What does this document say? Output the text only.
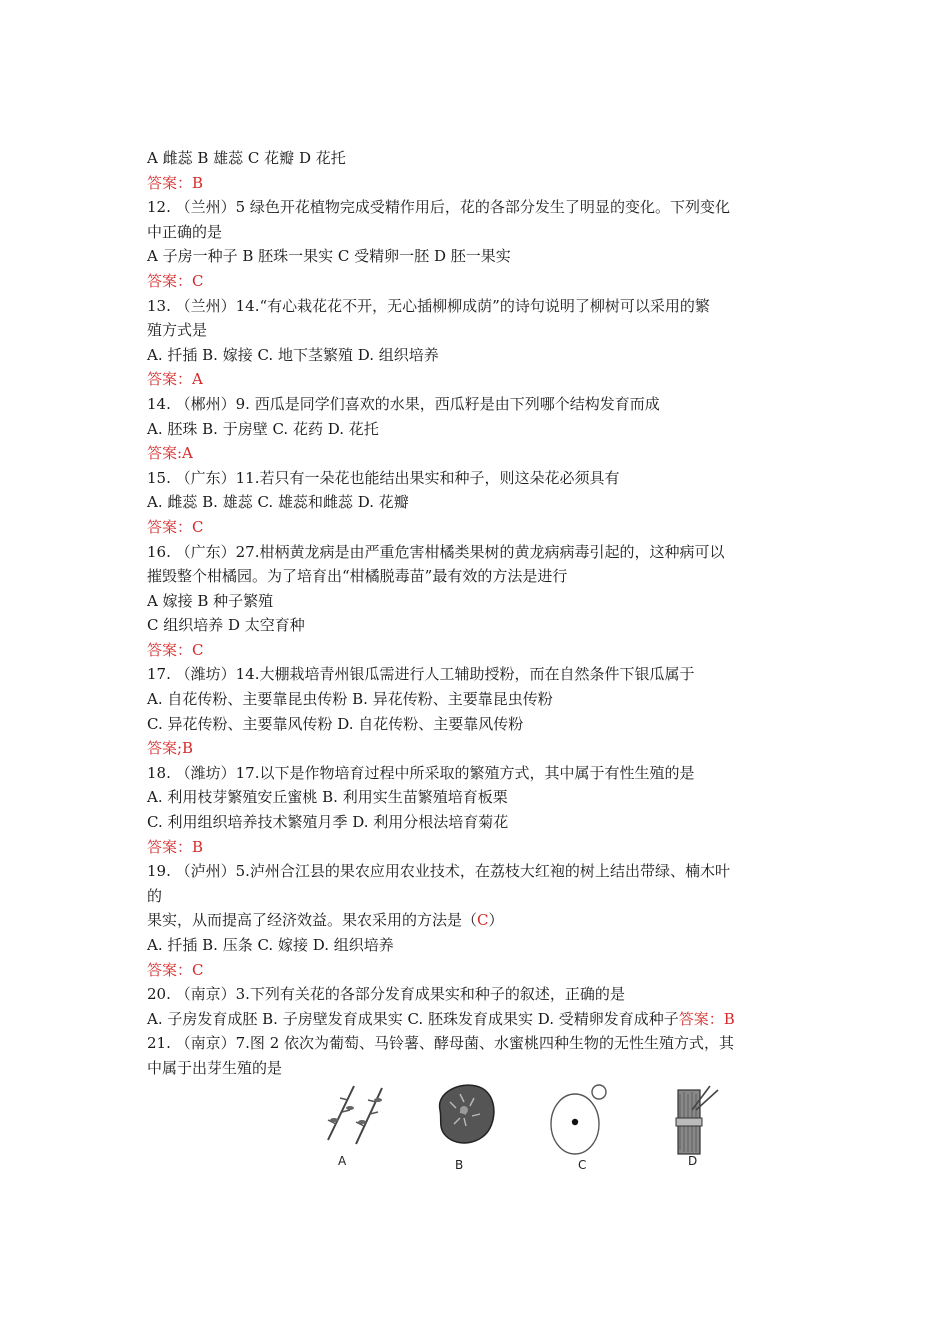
A 雌蕊 B 雄蕊 C 花瓣 D 花托
答案：B
12. （兰州）5 绿色开花植物完成受精作用后，花的各部分发生了明显的变化。下列变化
中正确的是
A 子房一种子 B 胚珠一果实 C 受精卵一胚 D 胚一果实
答案：C
13. （兰州）14.“有心栽花花不开，无心插柳柳成荫”的诗句说明了柳树可以采用的繁
殖方式是
A. 扦插 B. 嫁接 C. 地下茎繁殖 D. 组织培养
答案：A
14. （郴州）9. 西瓜是同学们喜欢的水果，西瓜籽是由下列哪个结构发育而成
A. 胚珠 B. 于房壁 C. 花药 D. 花托
答案:A
15. （广东）11.若只有一朵花也能结出果实和种子，则这朵花必须具有
A. 雌蕊 B. 雄蕊 C. 雄蕊和雌蕊 D. 花瓣
答案：C
16. （广东）27.柑柄黄龙病是由严重危害柑橘类果树的黄龙病病毒引起的，这种病可以
摧毁整个柑橘园。为了培育出“柑橘脱毒苗”最有效的方法是进行
A 嫁接 B 种子繁殖
C 组织培养 D 太空育种
答案：C
17. （潍坊）14.大棚栽培青州银瓜需进行人工辅助授粉，而在自然条件下银瓜属于
A. 自花传粉、主要靠昆虫传粉 B. 异花传粉、主要靠昆虫传粉
C. 异花传粉、主要靠风传粉 D. 自花传粉、主要靠风传粉
答案;B
18. （潍坊）17.以下是作物培育过程中所采取的繁殖方式，其中属于有性生殖的是
A. 利用枝芽繁殖安丘蜜桃 B. 利用实生苗繁殖培育板栗
C. 利用组织培养技术繁殖月季 D. 利用分根法培育菊花
答案：B
19. （泸州）5.泸州合江县的果农应用农业技术，在荔枝大红袍的树上结出带绿、楠木叶
的
果实，从而提高了经济效益。果农采用的方法是（C）
A. 扦插 B. 压条 C. 嫁接 D. 组织培养
答案：C
20. （南京）3.下列有关花的各部分发育成果实和种子的叙述，正确的是
A. 子房发育成胚 B. 子房壁发育成果实 C. 胚珠发育成果实 D. 受精卵发育成种子答案：B
21. （南京）7.图 2 依次为葡萄、马铃薯、酵母菌、水蜜桃四种生物的无性生殖方式，其
中属于出芽生殖的是
A	B	C	D
